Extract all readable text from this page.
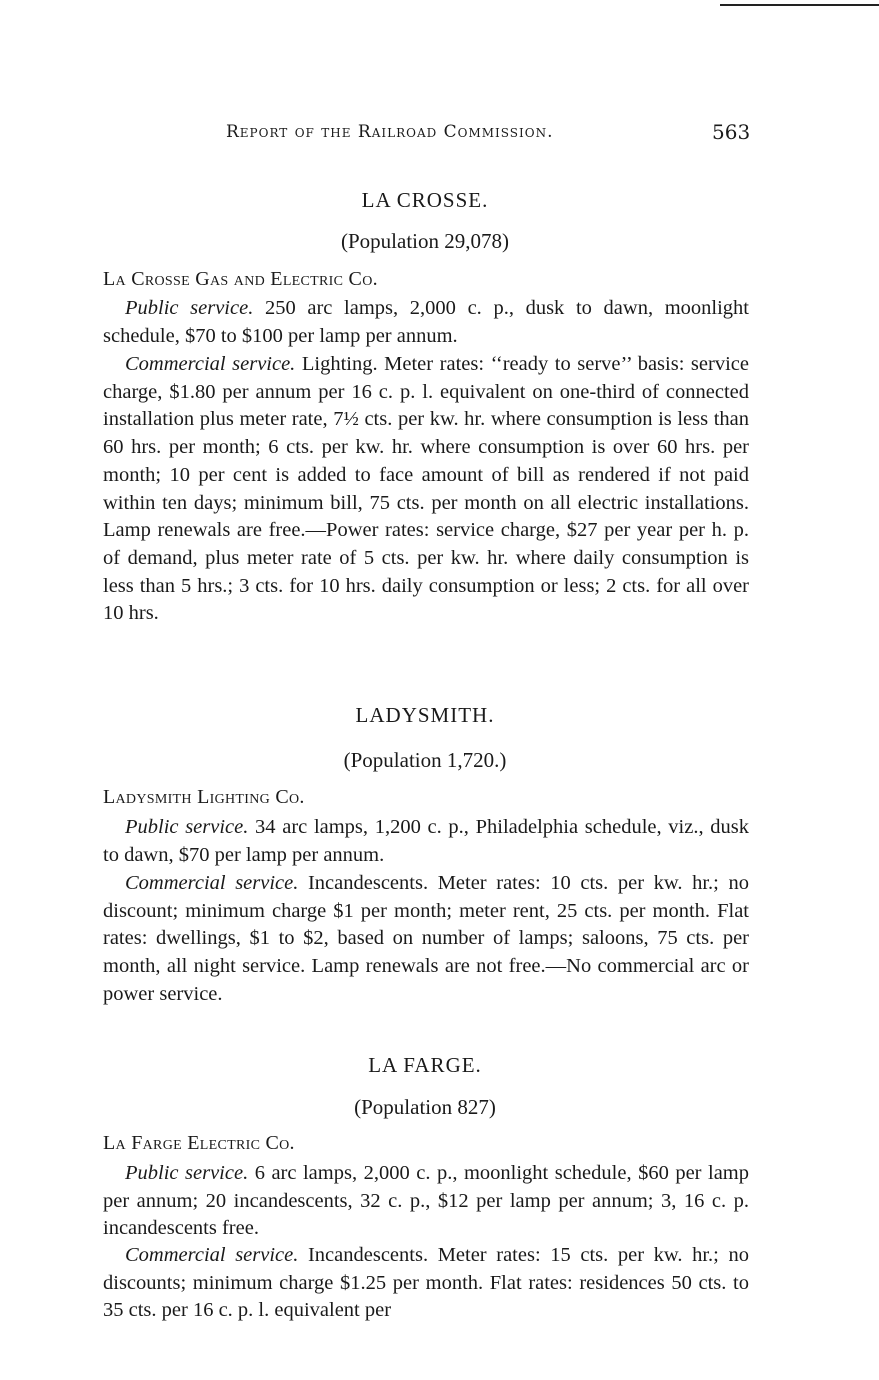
Report of the Railroad Commission.	563
LA CROSSE.
(Population 29,078)
La Crosse Gas and Electric Co.

Public service. 250 arc lamps, 2,000 c. p., dusk to dawn, moonlight schedule, $70 to $100 per lamp per annum.

Commercial service. Lighting. Meter rates: ‘‘ready to serve’’ basis: service charge, $1.80 per annum per 16 c. p. l. equivalent on one-third of connected installation plus meter rate, 7½ cts. per kw. hr. where consumption is less than 60 hrs. per month; 6 cts. per kw. hr. where consumption is over 60 hrs. per month; 10 per cent is added to face amount of bill as rendered if not paid within ten days; minimum bill, 75 cts. per month on all electric installations. Lamp renewals are free.—Power rates: service charge, $27 per year per h. p. of demand, plus meter rate of 5 cts. per kw. hr. where daily consumption is less than 5 hrs.; 3 cts. for 10 hrs. daily consumption or less; 2 cts. for all over 10 hrs.

LADYSMITH.
(Population 1,720.)
Ladysmith Lighting Co.

Public service. 34 arc lamps, 1,200 c. p., Philadelphia schedule, viz., dusk to dawn, $70 per lamp per annum.

Commercial service. Incandescents. Meter rates: 10 cts. per kw. hr.; no discount; minimum charge $1 per month; meter rent, 25 cts. per month. Flat rates: dwellings, $1 to $2, based on number of lamps; saloons, 75 cts. per month, all night service. Lamp renewals are not free.—No commercial arc or power service.

LA FARGE.
(Population 827)
La Farge Electric Co.

Public service. 6 arc lamps, 2,000 c. p., moonlight schedule, $60 per lamp per annum; 20 incandescents, 32 c. p., $12 per lamp per annum; 3, 16 c. p. incandescents free.

Commercial service. Incandescents. Meter rates: 15 cts. per kw. hr.; no discounts; minimum charge $1.25 per month. Flat rates: residences 50 cts. to 35 cts. per 16 c. p. l. equivalent per
